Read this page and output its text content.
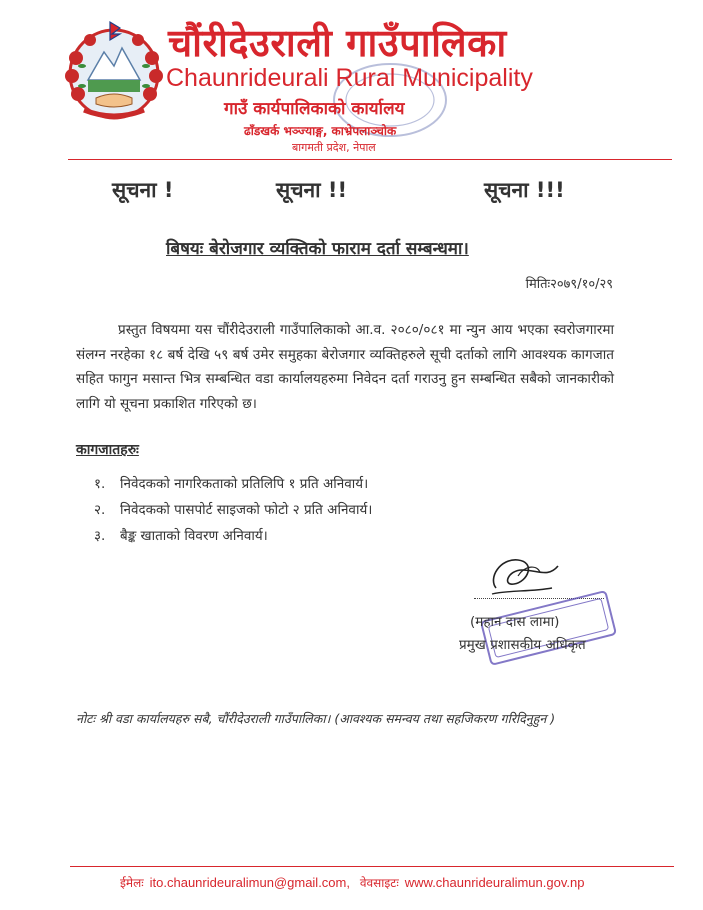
चौंरीदेउराली गाउँपालिका
Chaunrideurali Rural Municipality
गाउँ कार्यपालिकाको कार्यालय
ढाँडखर्क भञ्ज्याङ्ग, काभ्रेपलाञ्चोक
बागमती प्रदेश, नेपाल
सूचना !	सूचना !!	सूचना !!!
बिषयः बेरोजगार व्यक्तिको फाराम दर्ता सम्बन्धमा।
मितिः२०७९/१०/२९

प्रस्तुत विषयमा यस चौंरीदेउराली गाउँपालिकाको आ.व. २०८०/०८१ मा न्युन आय भएका स्वरोजगारमा संलग्न नरहेका १८ बर्ष देखि ५९ बर्ष उमेर समुहका बेरोजगार व्यक्तिहरुले सूची दर्ताको लागि आवश्यक कागजात सहित फागुन मसान्त भित्र सम्बन्धित वडा कार्यालयहरुमा निवेदन दर्ता गराउनु हुन सम्बन्धित सबैको जानकारीको लागि यो सूचना प्रकाशित गरिएको छ।

कागजातहरुः
१. निवेदकको नागरिकताको प्रतिलिपि १ प्रति अनिवार्य।
२. निवेदकको पासपोर्ट साइजको फोटो २ प्रति अनिवार्य।
३. बैङ्क खाताको विवरण अनिवार्य।
(महान दास लामा)
प्रमुख प्रशासकीय अधिकृत
नोटः श्री वडा कार्यालयहरु सबै, चौंरीदेउराली गाउँपालिका। (आवश्यक समन्वय तथा सहजिकरण गरिदिनुहुन )
ईमेलः ito.chaunrideuralimun@gmail.com, वेवसाइटः www.chaunrideuralimun.gov.np
